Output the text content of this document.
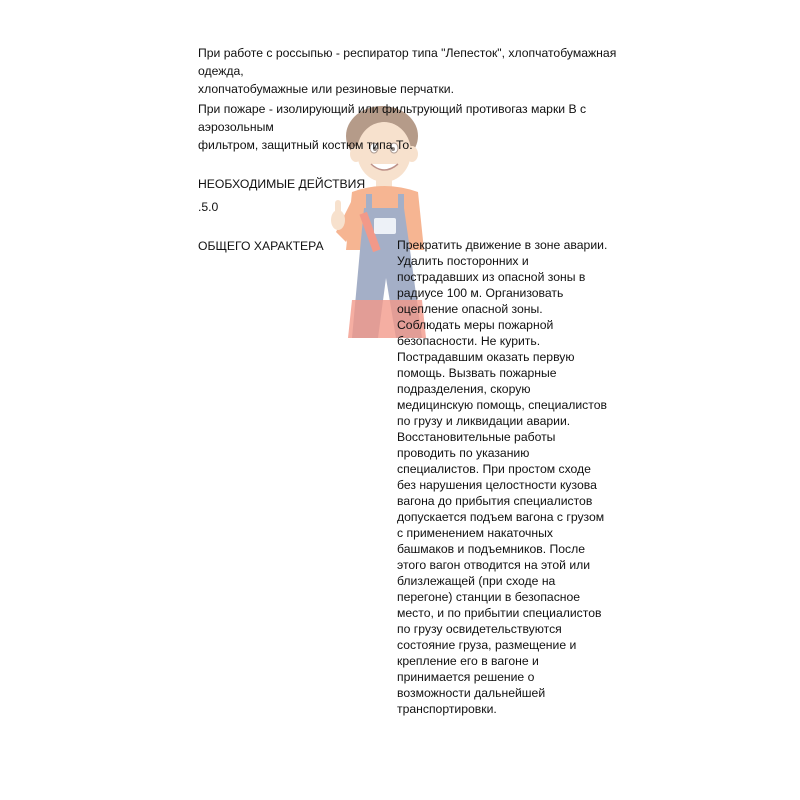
При работе с россыпью - респиратор типа "Лепесток", хлопчатобумажная одежда,
хлопчатобумажные или резиновые перчатки.

При пожаре - изолирующий или фильтрующий противогаз марки В с аэрозольным
фильтром, защитный костюм типа То.

НЕОБХОДИМЫЕ ДЕЙСТВИЯ

.5.0

ОБЩЕГО ХАРАКТЕРА	Прекратить движение в зоне аварии.
Удалить посторонних и
пострадавших из опасной зоны в
радиусе 100 м. Организовать
оцепление опасной зоны.
Соблюдать меры пожарной
безопасности. Не курить.
Пострадавшим оказать первую
помощь. Вызвать пожарные
подразделения, скорую
медицинскую помощь, специалистов
по грузу и ликвидации аварии.
Восстановительные работы
проводить по указанию
специалистов. При простом сходе
без нарушения целостности кузова
вагона до прибытия специалистов
допускается подъем вагона с грузом
с применением накаточных
башмаков и подъемников. После
этого вагон отводится на этой или
близлежащей (при сходе на
перегоне) станции в безопасное
место, и по прибытии специалистов
по грузу освидетельствуются
состояние груза, размещение и
крепление его в вагоне и
принимается решение о
возможности дальнейшей
транспортировки.
